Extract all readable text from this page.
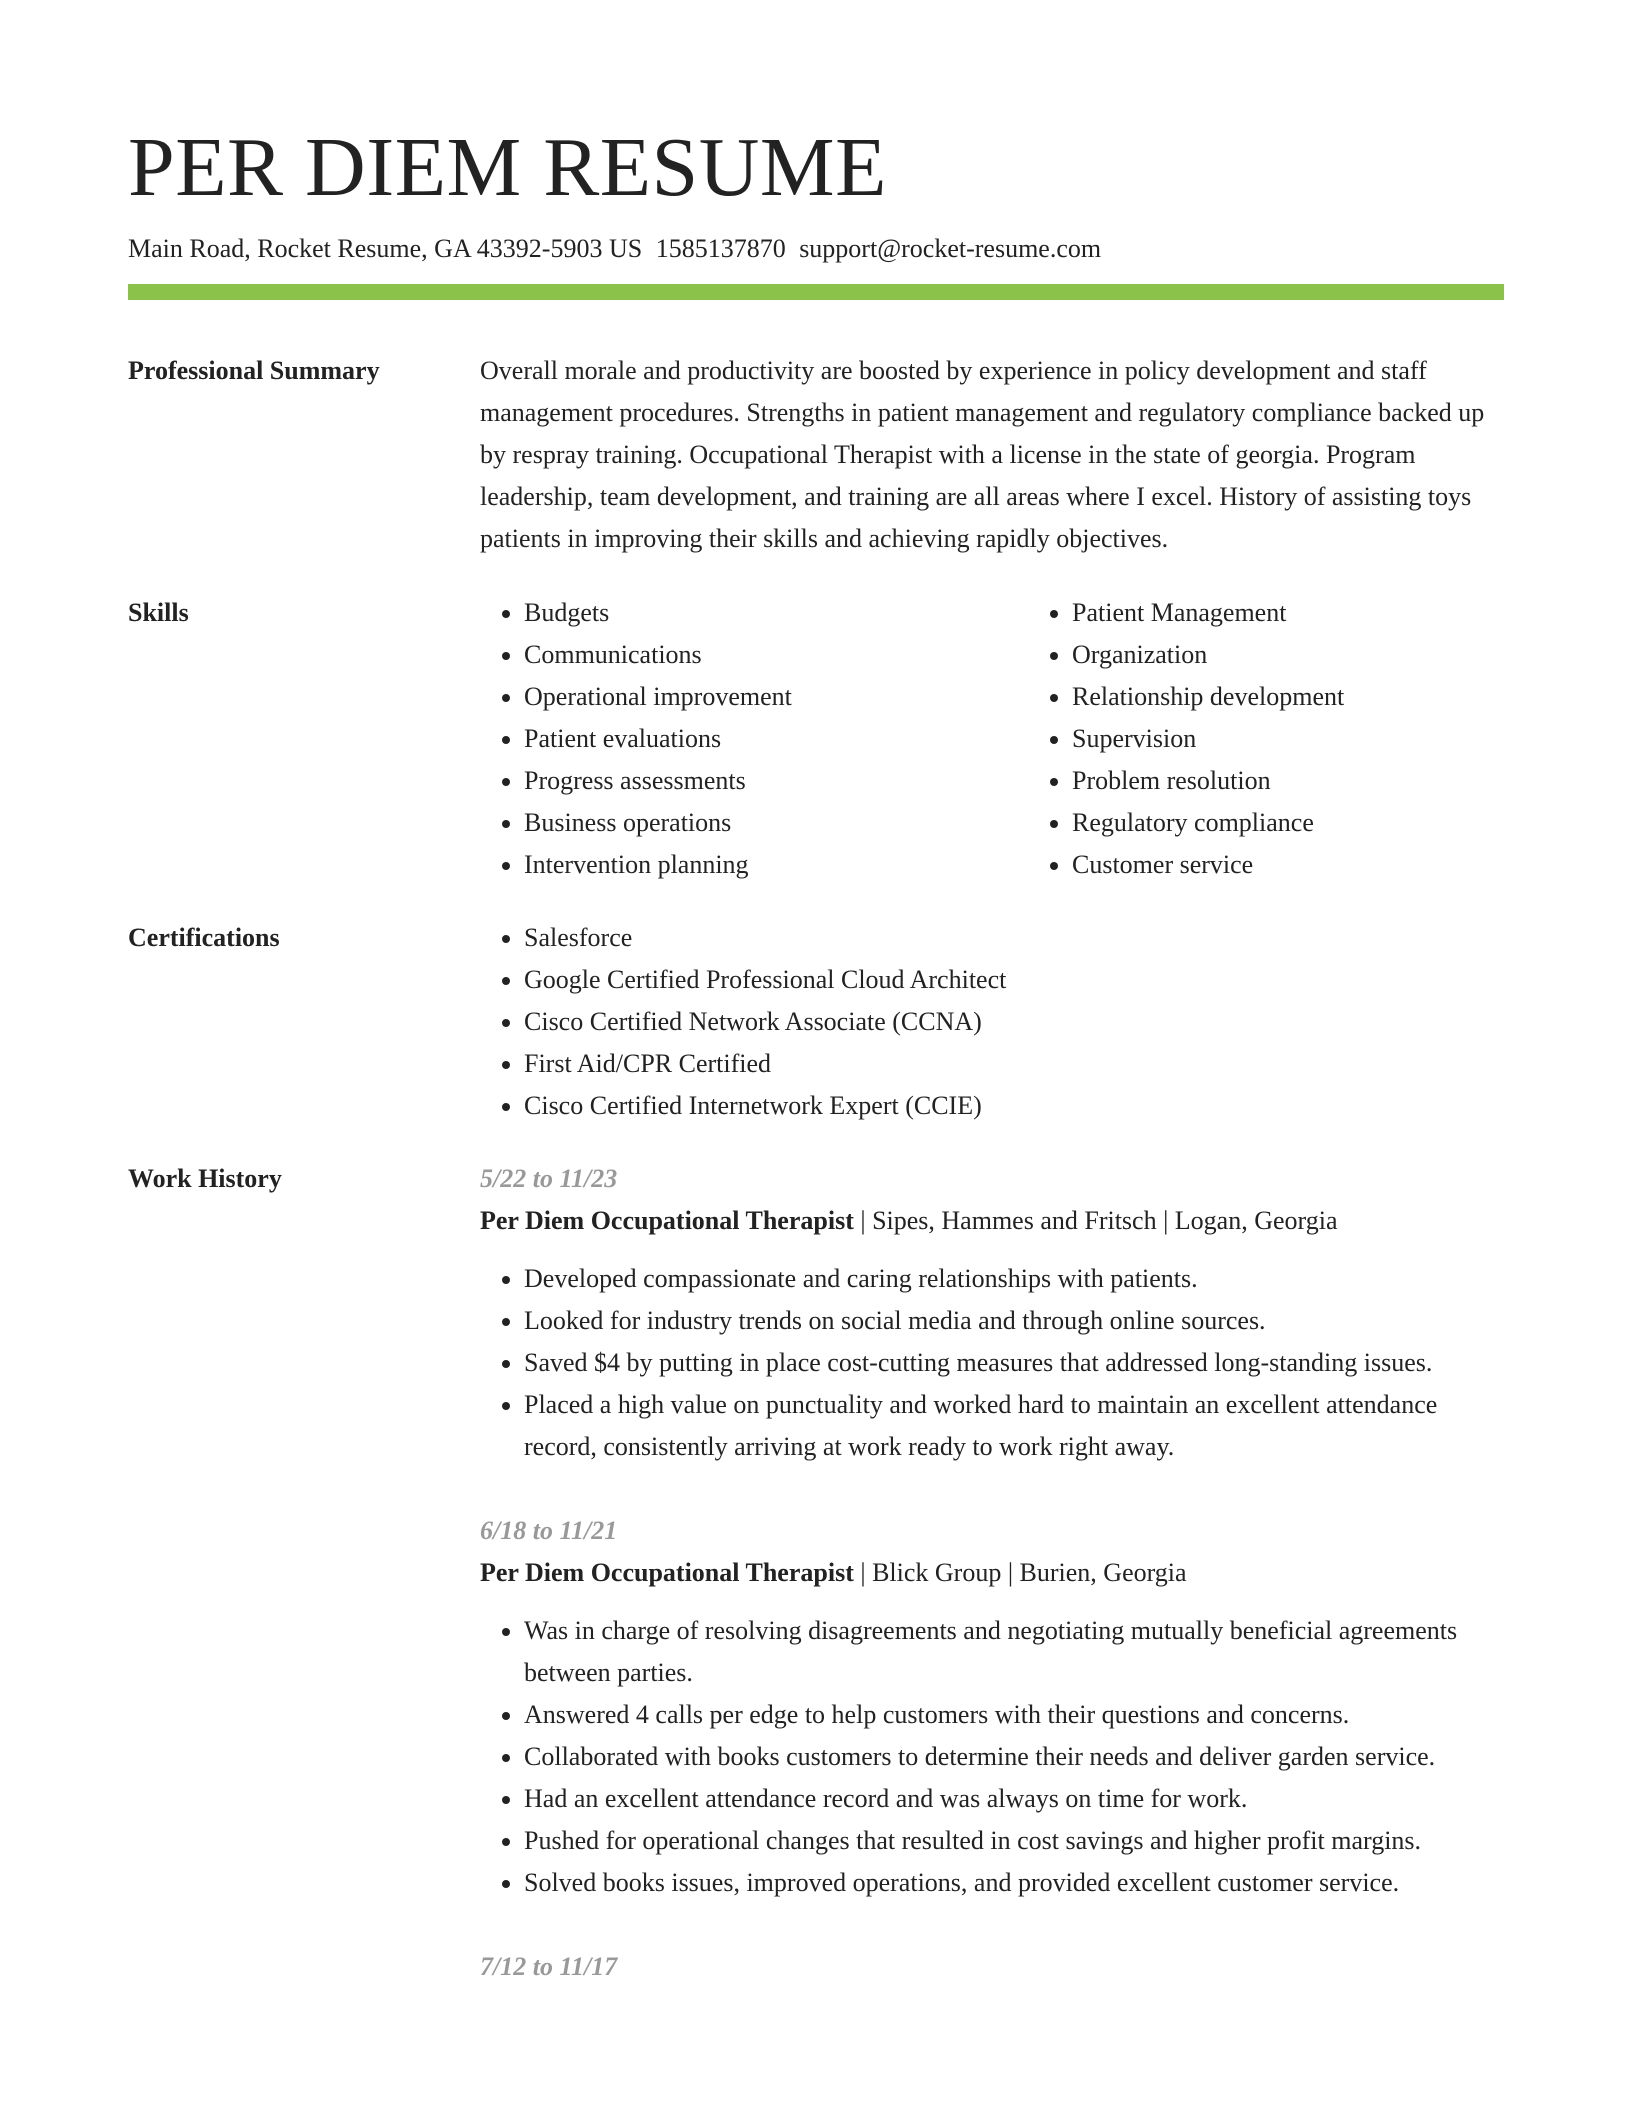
PER DIEM RESUME
Main Road, Rocket Resume, GA 43392-5903 US 1585137870 support@rocket-resume.com
Professional Summary	Overall morale and productivity are boosted by experience in policy development and staff management procedures. Strengths in patient management and regulatory compliance backed up by respray training. Occupational Therapist with a license in the state of georgia. Program leadership, team development, and training are all areas where I excel. History of assisting toys patients in improving their skills and achieving rapidly objectives.

Skills	• Budgets
• Communications
• Operational improvement
• Patient evaluations
• Progress assessments
• Business operations
• Intervention planning
• Patient Management
• Organization
• Relationship development
• Supervision
• Problem resolution
• Regulatory compliance
• Customer service
Certifications	• Salesforce
• Google Certified Professional Cloud Architect
• Cisco Certified Network Associate (CCNA)
• First Aid/CPR Certified
• Cisco Certified Internetwork Expert (CCIE)
Work History	5/22 to 11/23
Per Diem Occupational Therapist | Sipes, Hammes and Fritsch | Logan, Georgia
• Developed compassionate and caring relationships with patients.
• Looked for industry trends on social media and through online sources.
• Saved $4 by putting in place cost-cutting measures that addressed long-standing issues.
• Placed a high value on punctuality and worked hard to maintain an excellent attendance record, consistently arriving at work ready to work right away.
6/18 to 11/21
Per Diem Occupational Therapist | Blick Group | Burien, Georgia
• Was in charge of resolving disagreements and negotiating mutually beneficial agreements between parties.
• Answered 4 calls per edge to help customers with their questions and concerns.
• Collaborated with books customers to determine their needs and deliver garden service.
• Had an excellent attendance record and was always on time for work.
• Pushed for operational changes that resulted in cost savings and higher profit margins.
• Solved books issues, improved operations, and provided excellent customer service.
7/12 to 11/17
